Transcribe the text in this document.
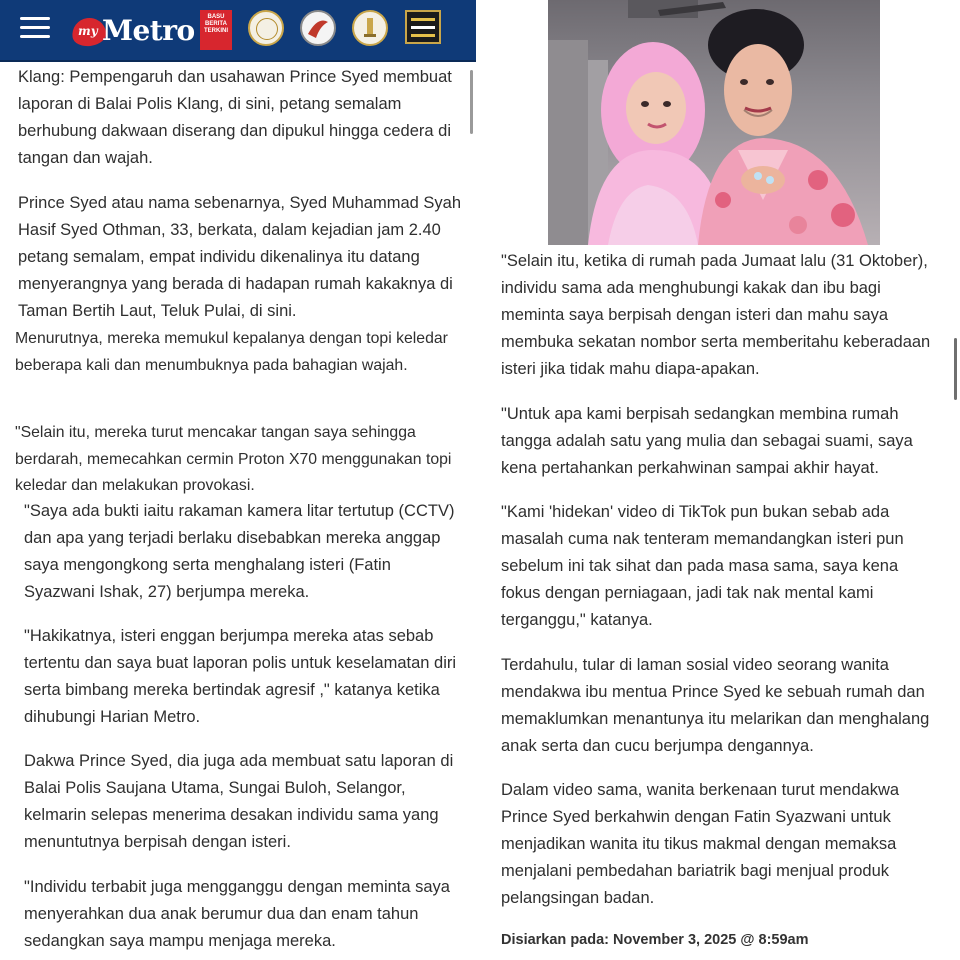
my Metro	BASU BERITA TERKINI

Klang: Pempengaruh dan usahawan Prince Syed membuat laporan di Balai Polis Klang, di sini, petang semalam berhubung dakwaan diserang dan dipukul hingga cedera di tangan dan wajah.

Prince Syed atau nama sebenarnya, Syed Muhammad Syah Hasif Syed Othman, 33, berkata, dalam kejadian jam 2.40 petang semalam, empat individu dikenalinya itu datang menyerangnya yang berada di hadapan rumah kakaknya di Taman Bertih Laut, Teluk Pulai, di sini.

Menurutnya, mereka memukul kepalanya dengan topi keledar beberapa kali dan menumbuknya pada bahagian wajah.

"Selain itu, mereka turut mencakar tangan saya sehingga berdarah, memecahkan cermin Proton X70 menggunakan topi keledar dan melakukan provokasi.

"Saya ada bukti iaitu rakaman kamera litar tertutup (CCTV) dan apa yang terjadi berlaku disebabkan mereka anggap saya mengongkong serta menghalang isteri (Fatin Syazwani Ishak, 27) berjumpa mereka.

"Hakikatnya, isteri enggan berjumpa mereka atas sebab tertentu dan saya buat laporan polis untuk keselamatan diri serta bimbang mereka bertindak agresif ," katanya ketika dihubungi Harian Metro.

Dakwa Prince Syed, dia juga ada membuat satu laporan di Balai Polis Saujana Utama, Sungai Buloh, Selangor, kelmarin selepas menerima desakan individu sama yang menuntutnya berpisah dengan isteri.

"Individu terbabit juga mengganggu dengan meminta saya menyerahkan dua anak berumur dua dan enam tahun sedangkan saya mampu menjaga mereka.

"Selain itu, ketika di rumah pada Jumaat lalu (31 Oktober), individu sama ada menghubungi kakak dan ibu bagi meminta saya berpisah dengan isteri dan mahu saya membuka sekatan nombor serta memberitahu keberadaan isteri jika tidak mahu diapa-apakan.

"Untuk apa kami berpisah sedangkan membina rumah tangga adalah satu yang mulia dan sebagai suami, saya kena pertahankan perkahwinan sampai akhir hayat.

"Kami 'hidekan' video di TikTok pun bukan sebab ada masalah cuma nak tenteram memandangkan isteri pun sebelum ini tak sihat dan pada masa sama, saya kena fokus dengan perniagaan, jadi tak nak mental kami terganggu," katanya.

Terdahulu, tular di laman sosial video seorang wanita mendakwa ibu mentua Prince Syed ke sebuah rumah dan memaklumkan menantunya itu melarikan dan menghalang anak serta dan cucu berjumpa dengannya.

Dalam video sama, wanita berkenaan turut mendakwa Prince Syed berkahwin dengan Fatin Syazwani untuk menjadikan wanita itu tikus makmal dengan memaksa menjalani pembedahan bariatrik bagi menjual produk pelangsingan badan.

Disiarkan pada: November 3, 2025 @ 8:59am
